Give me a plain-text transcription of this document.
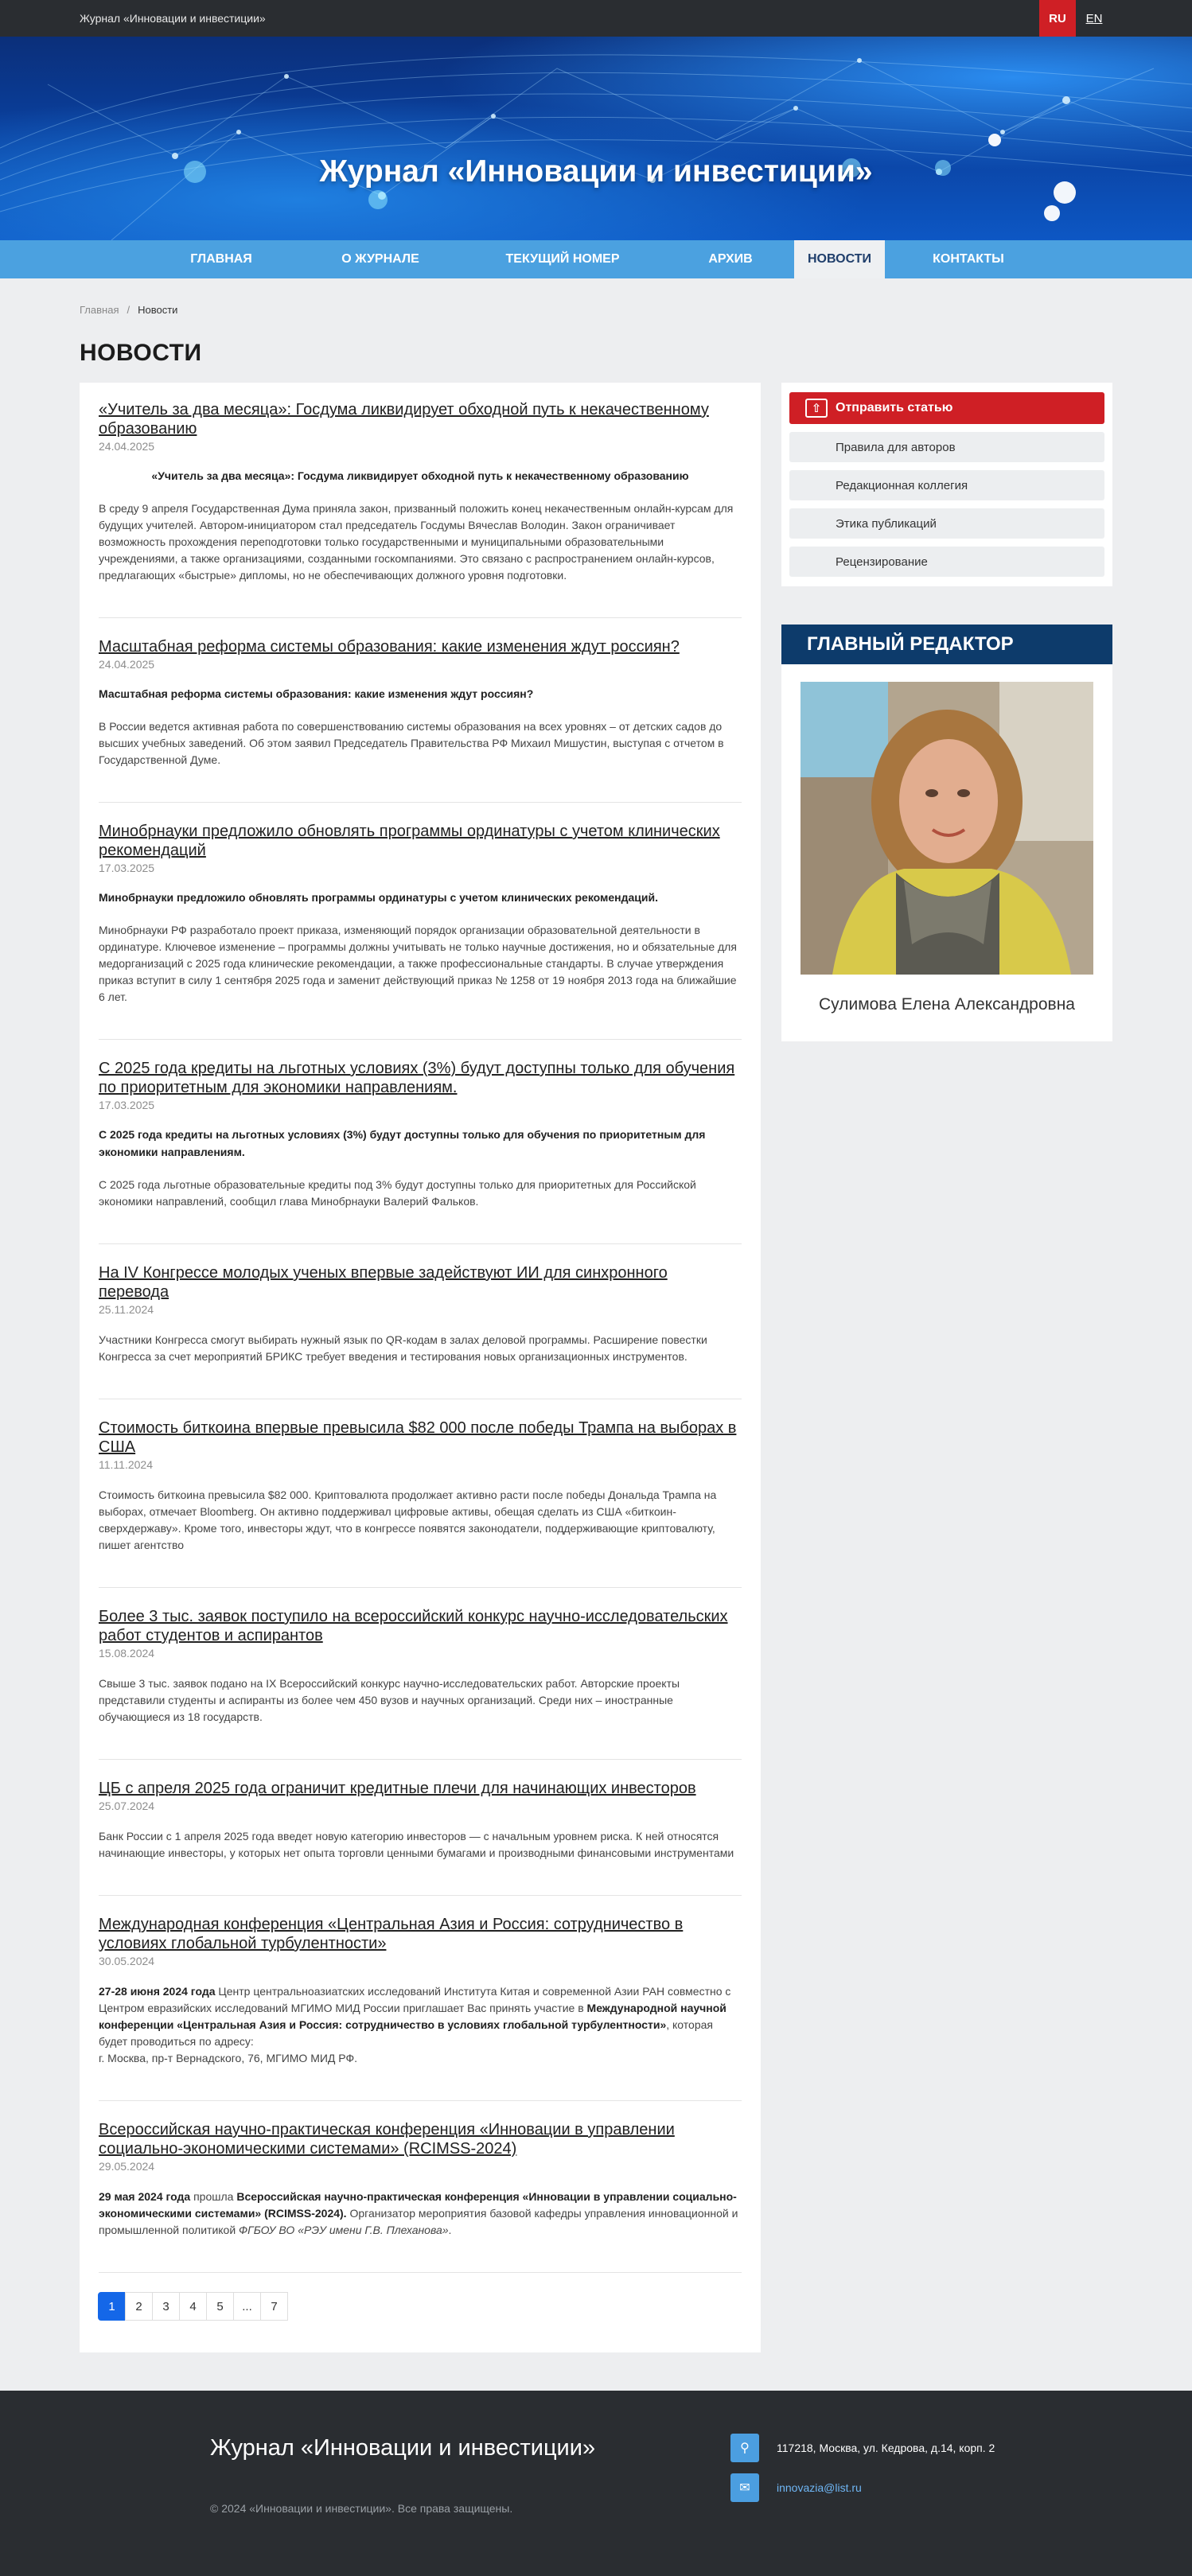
Журнал «Инновации и инвестиции»	RU	EN
Журнал «Инновации и инвестиции»
ГЛАВНАЯ	О ЖУРНАЛЕ	ТЕКУЩИЙ НОМЕР	АРХИВ	НОВОСТИ	КОНТАКТЫ
Главная / Новости
НОВОСТИ
«Учитель за два месяца»: Госдума ликвидирует обходной путь к некачественному образованию
24.04.2025
«Учитель за два месяца»: Госдума ликвидирует обходной путь к некачественному образованию
В среду 9 апреля Государственная Дума приняла закон, призванный положить конец некачественным онлайн-курсам для будущих учителей. Автором-инициатором стал председатель Госдумы Вячеслав Володин. Закон ограничивает возможность прохождения переподготовки только государственными и муниципальными образовательными учреждениями, а также организациями, созданными госкомпаниями. Это связано с распространением онлайн-курсов, предлагающих «быстрые» дипломы, но не обеспечивающих должного уровня подготовки.
Масштабная реформа системы образования: какие изменения ждут россиян?
24.04.2025
Масштабная реформа системы образования: какие изменения ждут россиян?
В России ведется активная работа по совершенствованию системы образования на всех уровнях – от детских садов до высших учебных заведений. Об этом заявил Председатель Правительства РФ Михаил Мишустин, выступая с отчетом в Государственной Думе.
Минобрнауки предложило обновлять программы ординатуры с учетом клинических рекомендаций
17.03.2025
Минобрнауки предложило обновлять программы ординатуры с учетом клинических рекомендаций.
Минобрнауки РФ разработало проект приказа, изменяющий порядок организации образовательной деятельности в ординатуре. Ключевое изменение – программы должны учитывать не только научные достижения, но и обязательные для медорганизаций с 2025 года клинические рекомендации, а также профессиональные стандарты. В случае утверждения приказ вступит в силу 1 сентября 2025 года и заменит действующий приказ № 1258 от 19 ноября 2013 года на ближайшие 6 лет.
С 2025 года кредиты на льготных условиях (3%) будут доступны только для обучения по приоритетным для экономики направлениям.
17.03.2025
С 2025 года кредиты на льготных условиях (3%) будут доступны только для обучения по приоритетным для экономики направлениям.
С 2025 года льготные образовательные кредиты под 3% будут доступны только для приоритетных для Российской экономики направлений, сообщил глава Минобрнауки Валерий Фальков.
На IV Конгрессе молодых ученых впервые задействуют ИИ для синхронного перевода
25.11.2024
Участники Конгресса смогут выбирать нужный язык по QR-кодам в залах деловой программы. Расширение повестки Конгресса за счет мероприятий БРИКС требует введения и тестирования новых организационных инструментов.
Стоимость биткоина впервые превысила $82 000 после победы Трампа на выборах в США
11.11.2024
Стоимость биткоина превысила $82 000. Криптовалюта продолжает активно расти после победы Дональда Трампа на выборах, отмечает Bloomberg. Он активно поддерживал цифровые активы, обещая сделать из США «биткоин-сверхдержаву». Кроме того, инвесторы ждут, что в конгрессе появятся законодатели, поддерживающие криптовалюту, пишет агентство
Более 3 тыс. заявок поступило на всероссийский конкурс научно-исследовательских работ студентов и аспирантов
15.08.2024
Свыше 3 тыс. заявок подано на IX Всероссийский конкурс научно-исследовательских работ. Авторские проекты представили студенты и аспиранты из более чем 450 вузов и научных организаций. Среди них – иностранные обучающиеся из 18 государств.
ЦБ с апреля 2025 года ограничит кредитные плечи для начинающих инвесторов
25.07.2024
Банк России с 1 апреля 2025 года введет новую категорию инвесторов — с начальным уровнем риска. К ней относятся начинающие инвесторы, у которых нет опыта торговли ценными бумагами и производными финансовыми инструментами
Международная конференция «Центральная Азия и Россия: сотрудничество в условиях глобальной турбулентности»
30.05.2024
27-28 июня 2024 года Центр центральноазиатских исследований Института Китая и современной Азии РАН совместно с Центром евразийских исследований МГИМО МИД России приглашает Вас принять участие в Международной научной конференции «Центральная Азия и Россия: сотрудничество в условиях глобальной турбулентности», которая будет проводиться по адресу:
г. Москва, пр-т Вернадского, 76, МГИМО МИД РФ.
Всероссийская научно-практическая конференция «Инновации в управлении социально-экономическими системами» (RCIMSS-2024)
29.05.2024
29 мая 2024 года прошла Всероссийская научно-практическая конференция «Инновации в управлении социально-экономическими системами» (RCIMSS-2024). Организатор мероприятия базовой кафедры управления инновационной и промышленной политикой ФГБОУ ВО «РЭУ имени Г.В. Плеханова».
1	2	3	4	5	...	7
⇧	Отправить статью
Правила для авторов
Редакционная коллегия
Этика публикаций
Рецензирование
ГЛАВНЫЙ РЕДАКТОР
Сулимова Елена Александровна
Журнал «Инновации и инвестиции»
© 2024 «Инновации и инвестиции». Все права защищены.
⚲	117218, Москва, ул. Кедрова, д.14, корп. 2
✉	innovazia@list.ru
